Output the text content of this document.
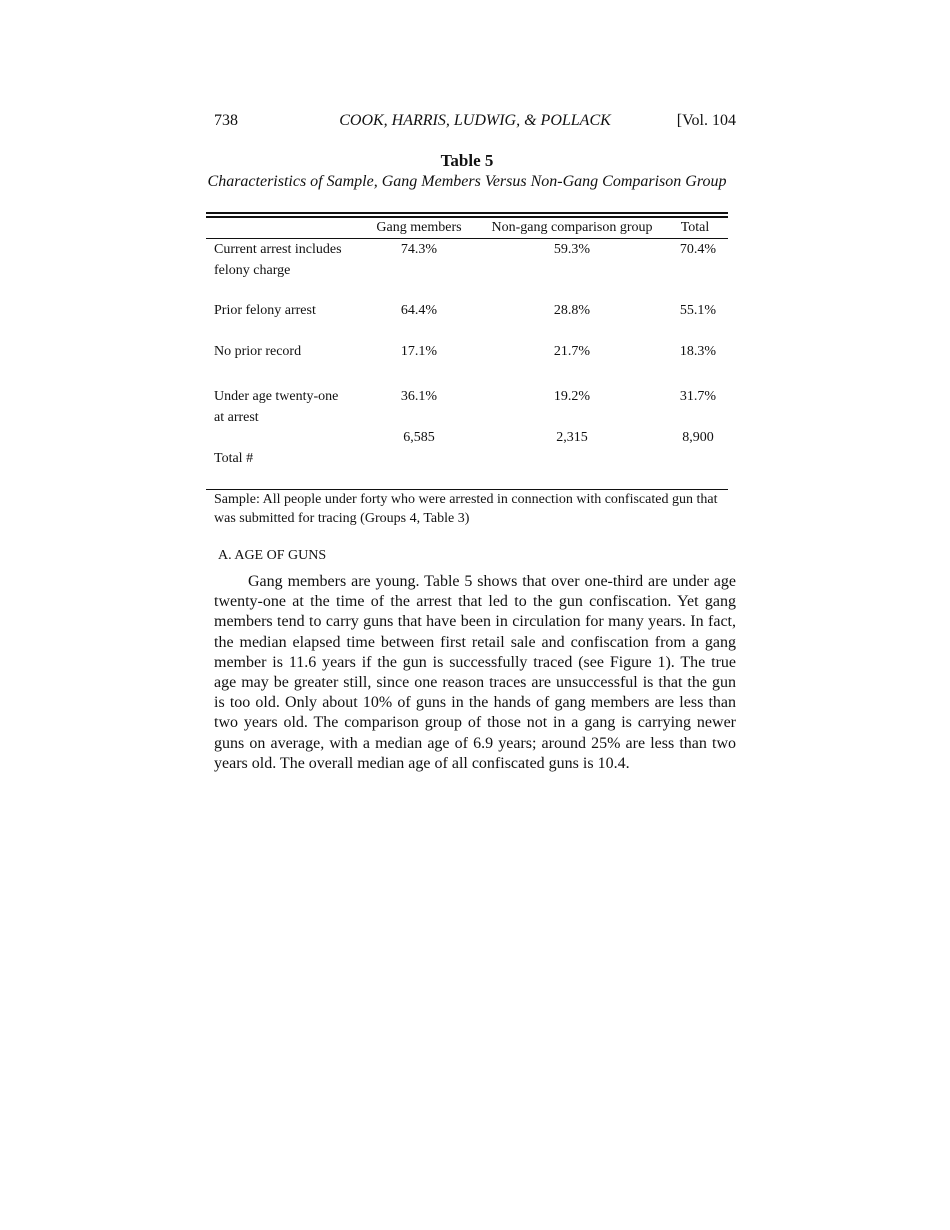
738	COOK, HARRIS, LUDWIG, & POLLACK	[Vol. 104
Table 5
Characteristics of Sample, Gang Members Versus Non-Gang Comparison Group
Gang members	Non-gang comparison group	Total
Current arrest includes
felony charge
74.3%	59.3%	70.4%
Prior felony arrest	64.4%	28.8%	55.1%
No prior record	17.1%	21.7%	18.3%
Under age twenty-one
at arrest
36.1%	19.2%	31.7%
Total #
6,585	2,315	8,900
Sample: All people under forty who were arrested in connection with confiscated gun that was submitted for tracing (Groups 4, Table 3)
A. AGE OF GUNS

Gang members are young. Table 5 shows that over one-third are under age twenty-one at the time of the arrest that led to the gun confiscation. Yet gang members tend to carry guns that have been in circulation for many years. In fact, the median elapsed time between first retail sale and confiscation from a gang member is 11.6 years if the gun is successfully traced (see Figure 1). The true age may be greater still, since one reason traces are unsuccessful is that the gun is too old. Only about 10% of guns in the hands of gang members are less than two years old. The comparison group of those not in a gang is carrying newer guns on average, with a median age of 6.9 years; around 25% are less than two years old. The overall median age of all confiscated guns is 10.4.
